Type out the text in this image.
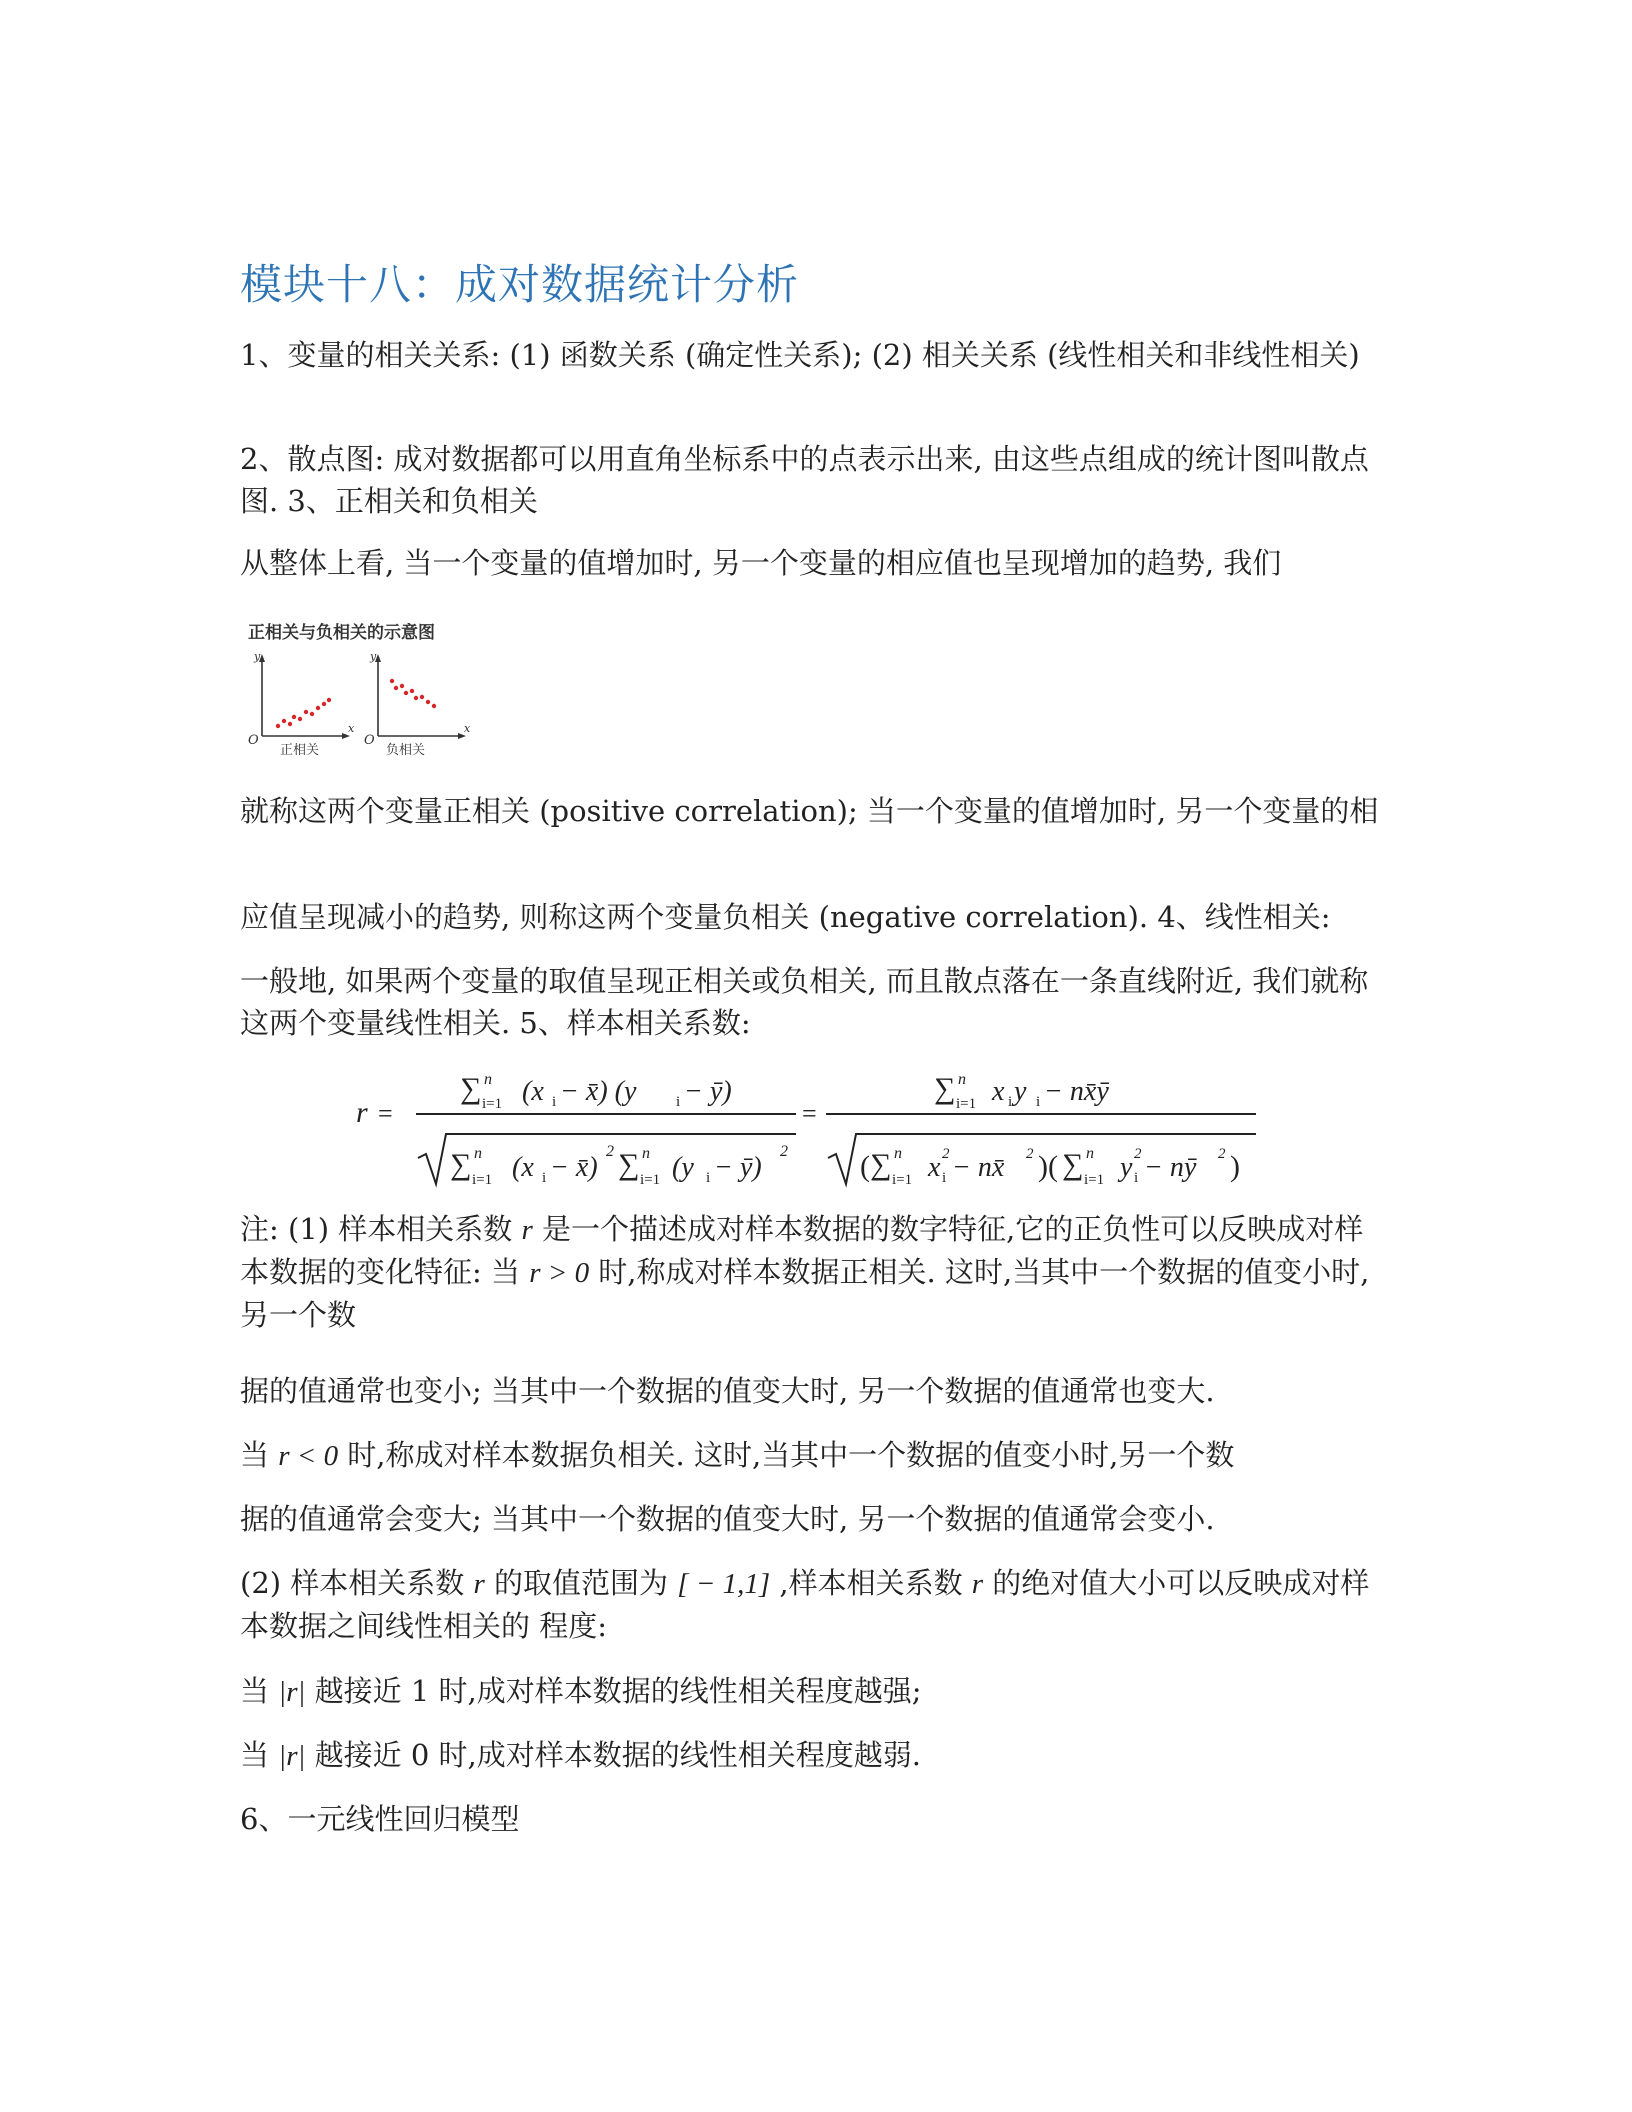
模块十八：成对数据统计分析
1、变量的相关关系: (1) 函数关系 (确定性关系); (2) 相关关系 (线性相关和非线性相关)
2、散点图: 成对数据都可以用直角坐标系中的点表示出来, 由这些点组成的统计图叫散点图. 3、正相关和负相关
从整体上看, 当一个变量的值增加时, 另一个变量的相应值也呈现增加的趋势, 我们
正相关与负相关的示意图
y
x
O
正相关
y
x
O
负相关
就称这两个变量正相关 (positive correlation); 当一个变量的值增加时, 另一个变量的相
应值呈现减小的趋势, 则称这两个变量负相关 (negative correlation). 4、线性相关:
一般地, 如果两个变量的取值呈现正相关或负相关, 而且散点落在一条直线附近, 我们就称这两个变量线性相关. 5、样本相关系数:
r =
∑ n
i=1 (x i − x̄) (y	i − ȳ)
∑ n
i=1 (x i − x̄)
2 ∑ n
i=1 (y i − ȳ)
2
=
∑ n
i=1 x i y i − nx̄ȳ
( ∑ n
i=1 x 2
i − nx̄ 2 )( ∑ n
i=1 y 2
i − nȳ 2 )
注: (1) 样本相关系数 r 是一个描述成对样本数据的数字特征,它的正负性可以反映成对样本数据的变化特征: 当 r > 0 时,称成对样本数据正相关. 这时,当其中一个数据的值变小时,另一个数
据的值通常也变小; 当其中一个数据的值变大时, 另一个数据的值通常也变大.
当 r < 0 时,称成对样本数据负相关. 这时,当其中一个数据的值变小时,另一个数
据的值通常会变大; 当其中一个数据的值变大时, 另一个数据的值通常会变小.
(2) 样本相关系数 r 的取值范围为 [ − 1,1] ,样本相关系数 r 的绝对值大小可以反映成对样本数据之间线性相关的 程度:
当 |r| 越接近 1 时,成对样本数据的线性相关程度越强;
当 |r| 越接近 0 时,成对样本数据的线性相关程度越弱.
6、一元线性回归模型
